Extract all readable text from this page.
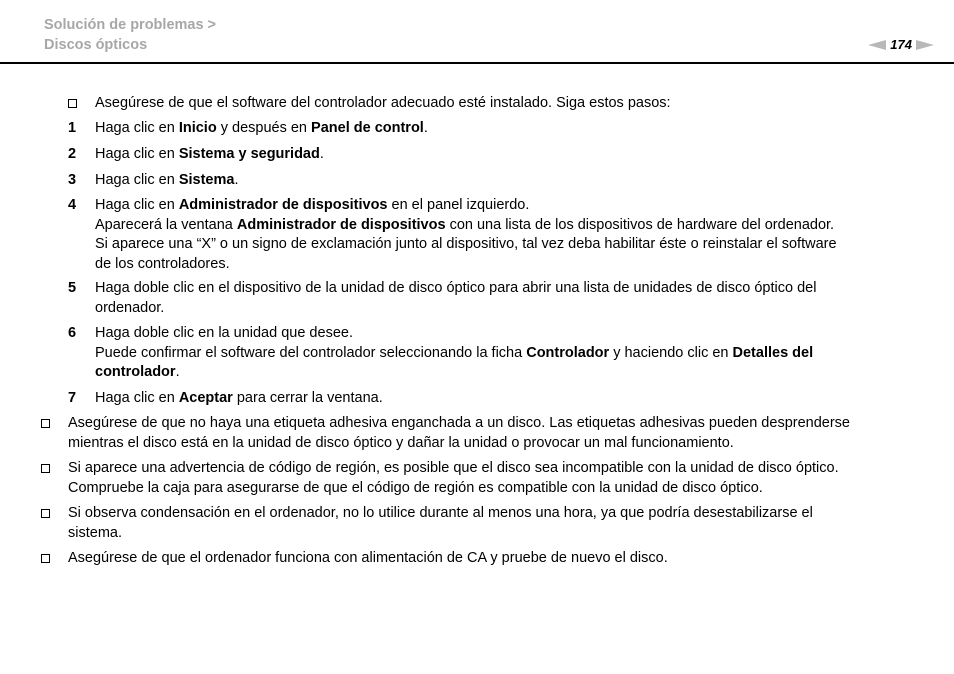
Solución de problemas >
Discos ópticos	174
Asegúrese de que el software del controlador adecuado esté instalado. Siga estos pasos:
1 Haga clic en Inicio y después en Panel de control.
2 Haga clic en Sistema y seguridad.
3 Haga clic en Sistema.
4 Haga clic en Administrador de dispositivos en el panel izquierdo.
Aparecerá la ventana Administrador de dispositivos con una lista de los dispositivos de hardware del ordenador.
Si aparece una “X” o un signo de exclamación junto al dispositivo, tal vez deba habilitar éste o reinstalar el software
de los controladores.
5 Haga doble clic en el dispositivo de la unidad de disco óptico para abrir una lista de unidades de disco óptico del
ordenador.
6 Haga doble clic en la unidad que desee.
Puede confirmar el software del controlador seleccionando la ficha Controlador y haciendo clic en Detalles del
controlador.
7 Haga clic en Aceptar para cerrar la ventana.
Asegúrese de que no haya una etiqueta adhesiva enganchada a un disco. Las etiquetas adhesivas pueden desprenderse
mientras el disco está en la unidad de disco óptico y dañar la unidad o provocar un mal funcionamiento.
Si aparece una advertencia de código de región, es posible que el disco sea incompatible con la unidad de disco óptico.
Compruebe la caja para asegurarse de que el código de región es compatible con la unidad de disco óptico.
Si observa condensación en el ordenador, no lo utilice durante al menos una hora, ya que podría desestabilizarse el
sistema.
Asegúrese de que el ordenador funciona con alimentación de CA y pruebe de nuevo el disco.
